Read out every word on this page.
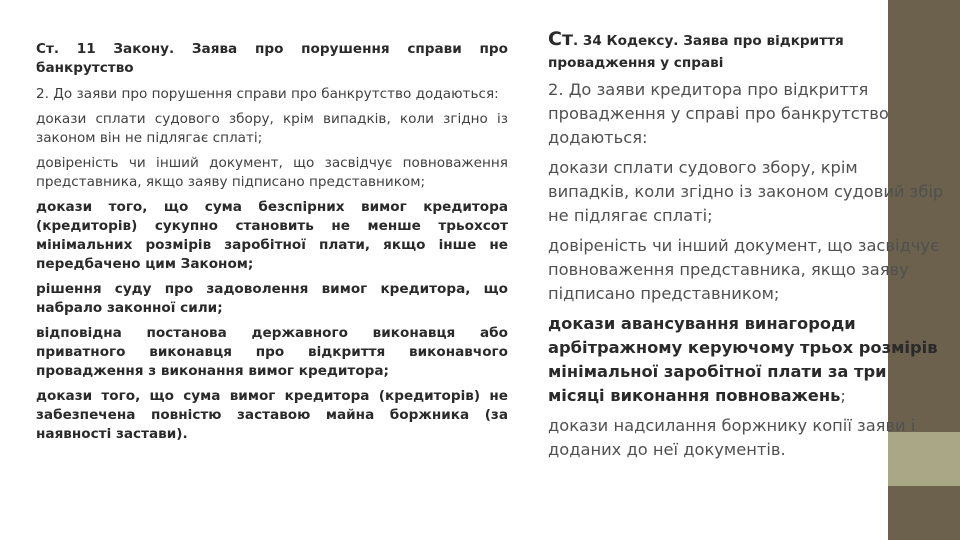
Ст. 11 Закону. Заява про порушення справи про банкрутство

2. До заяви про порушення справи про банкрутство додаються:

докази сплати судового збору, крім випадків, коли згідно із законом він не підлягає сплаті;

довіреність чи інший документ, що засвідчує повноваження представника, якщо заяву підписано представником;

докази того, що сума безспірних вимог кредитора (кредиторів) сукупно становить не менше трьохсот мінімальних розмірів заробітної плати, якщо інше не передбачено цим Законом;

рішення суду про задоволення вимог кредитора, що набрало законної сили;

відповідна постанова державного виконавця або приватного виконавця про відкриття виконавчого провадження з виконання вимог кредитора;

докази того, що сума вимог кредитора (кредиторів) не забезпечена повністю заставою майна боржника (за наявності застави).

Ст. 34 Кодексу. Заява про відкриття провадження у справі

2. До заяви кредитора про відкриття провадження у справі про банкрутство додаються:

докази сплати судового збору, крім випадків, коли згідно із законом судовий збір не підлягає сплаті;

довіреність чи інший документ, що засвідчує повноваження представника, якщо заяву підписано представником;

докази авансування винагороди арбітражному керуючому трьох розмірів мінімальної заробітної плати за три місяці виконання повноважень;

докази надсилання боржнику копії заяви і доданих до неї документів.
